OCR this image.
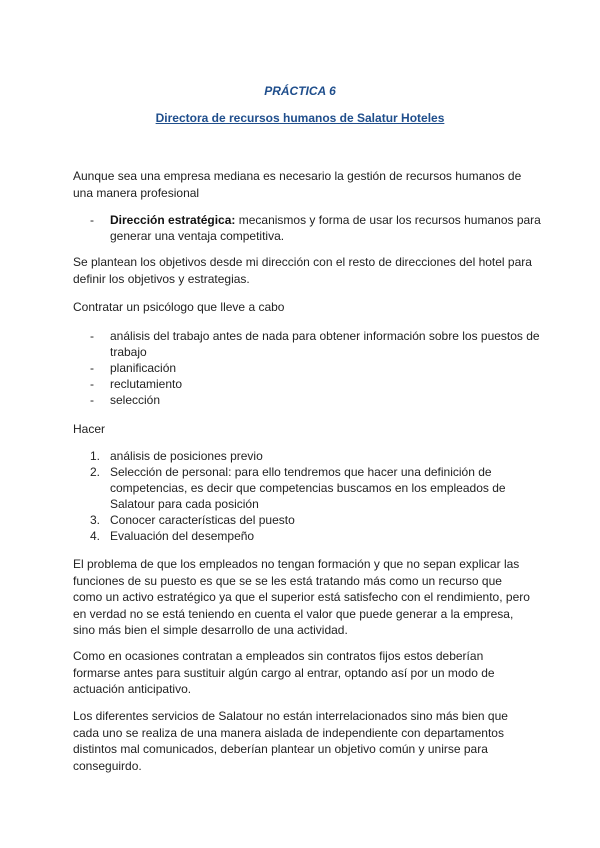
PRÁCTICA 6
Directora de recursos humanos de Salatur Hoteles

Aunque sea una empresa mediana es necesario la gestión de recursos humanos de una manera profesional

- Dirección estratégica: mecanismos y forma de usar los recursos humanos para generar una ventaja competitiva.

Se plantean los objetivos desde mi dirección con el resto de direcciones del hotel para definir los objetivos y estrategias.

Contratar un psicólogo que lleve a cabo

- análisis del trabajo antes de nada para obtener información sobre los puestos de trabajo
- planificación
- reclutamiento
- selección

Hacer

1. análisis de posiciones previo
2. Selección de personal: para ello tendremos que hacer una definición de competencias, es decir que competencias buscamos en los empleados de Salatour para cada posición
3. Conocer características del puesto
4. Evaluación del desempeño

El problema de que los empleados no tengan formación y que no sepan explicar las funciones de su puesto es que se se les está tratando más como un recurso que como un activo estratégico ya que el superior está satisfecho con el rendimiento, pero en verdad no se está teniendo en cuenta el valor que puede generar a la empresa, sino más bien el simple desarrollo de una actividad.

Como en ocasiones contratan a empleados sin contratos fijos estos deberían formarse antes para sustituir algún cargo al entrar, optando así por un modo de actuación anticipativo.

Los diferentes servicios de Salatour no están interrelacionados sino más bien que cada uno se realiza de una manera aislada de independiente con departamentos distintos mal comunicados, deberían plantear un objetivo común y unirse para conseguirdo.
